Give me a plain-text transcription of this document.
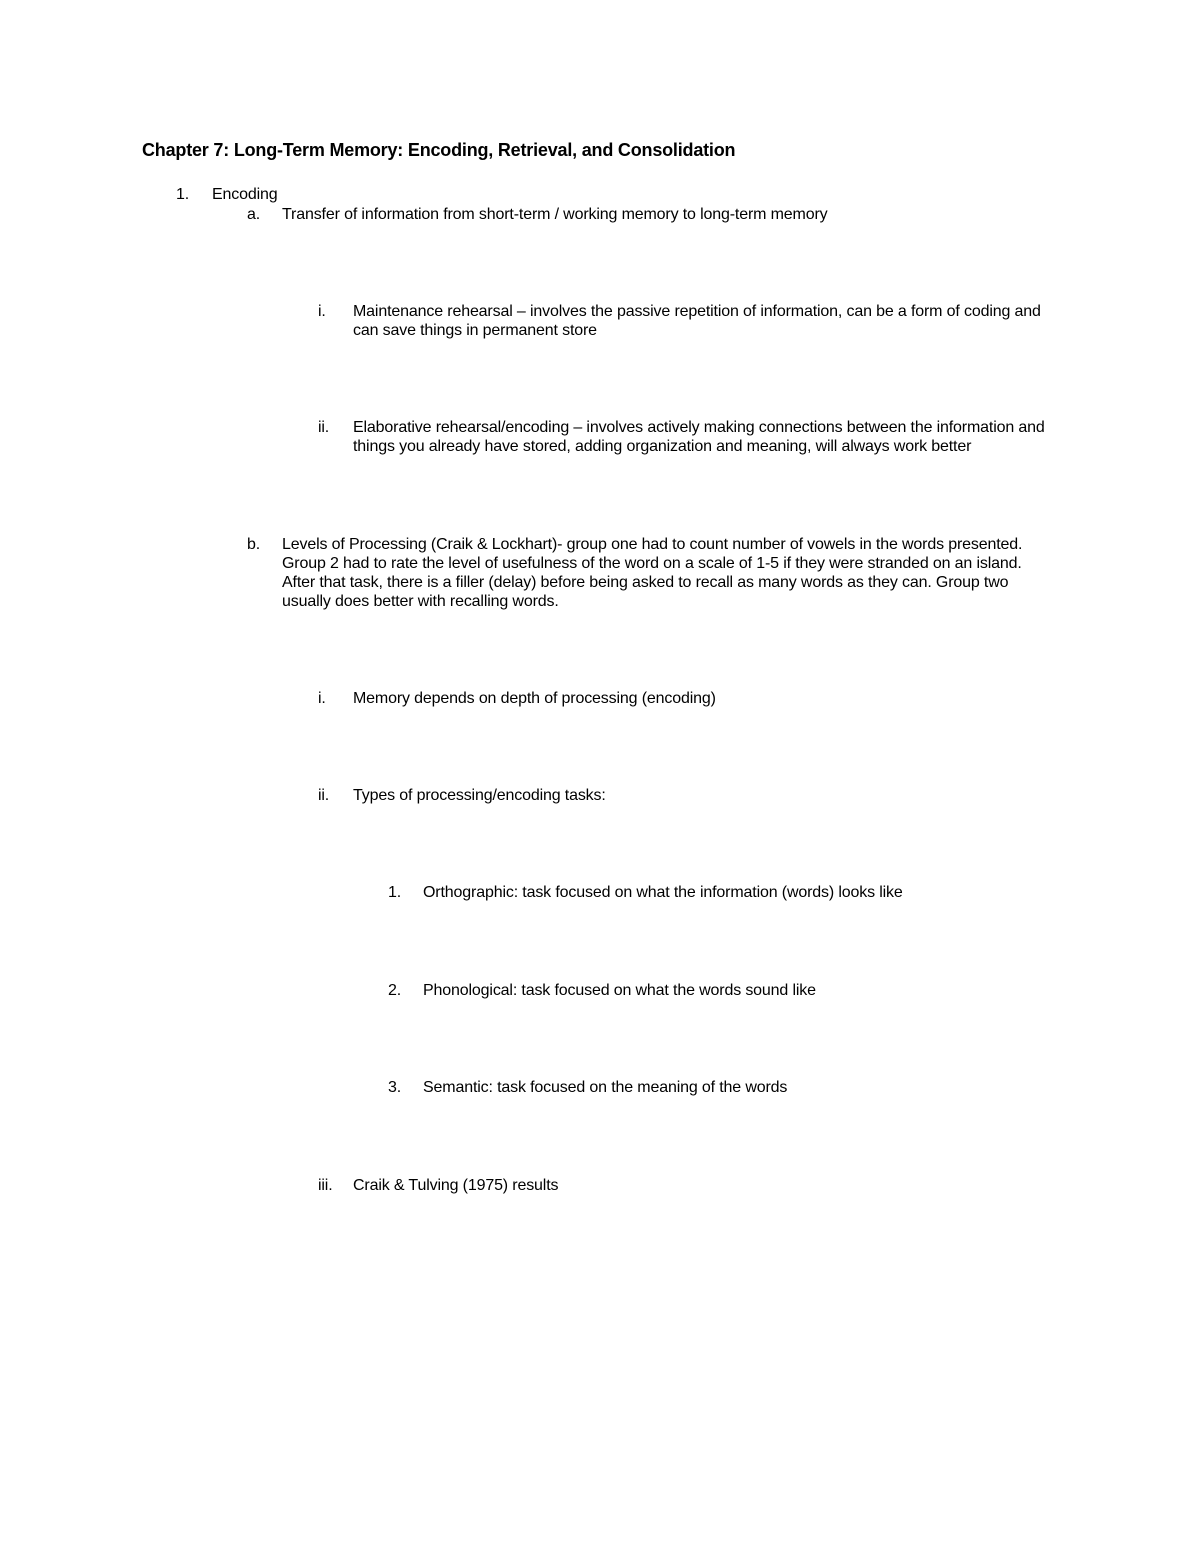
Chapter 7: Long-Term Memory: Encoding, Retrieval, and Consolidation
1. Encoding
a. Transfer of information from short-term / working memory to long-term memory
i. Maintenance rehearsal – involves the passive repetition of information, can be a form of coding and can save things in permanent store
ii. Elaborative rehearsal/encoding – involves actively making connections between the information and things you already have stored, adding organization and meaning, will always work better
b. Levels of Processing (Craik & Lockhart)- group one had to count number of vowels in the words presented. Group 2 had to rate the level of usefulness of the word on a scale of 1-5 if they were stranded on an island. After that task, there is a filler (delay) before being asked to recall as many words as they can. Group two usually does better with recalling words.
i. Memory depends on depth of processing (encoding)
ii. Types of processing/encoding tasks:
1. Orthographic: task focused on what the information (words) looks like
2. Phonological: task focused on what the words sound like
3. Semantic: task focused on the meaning of the words
iii. Craik & Tulving (1975) results
